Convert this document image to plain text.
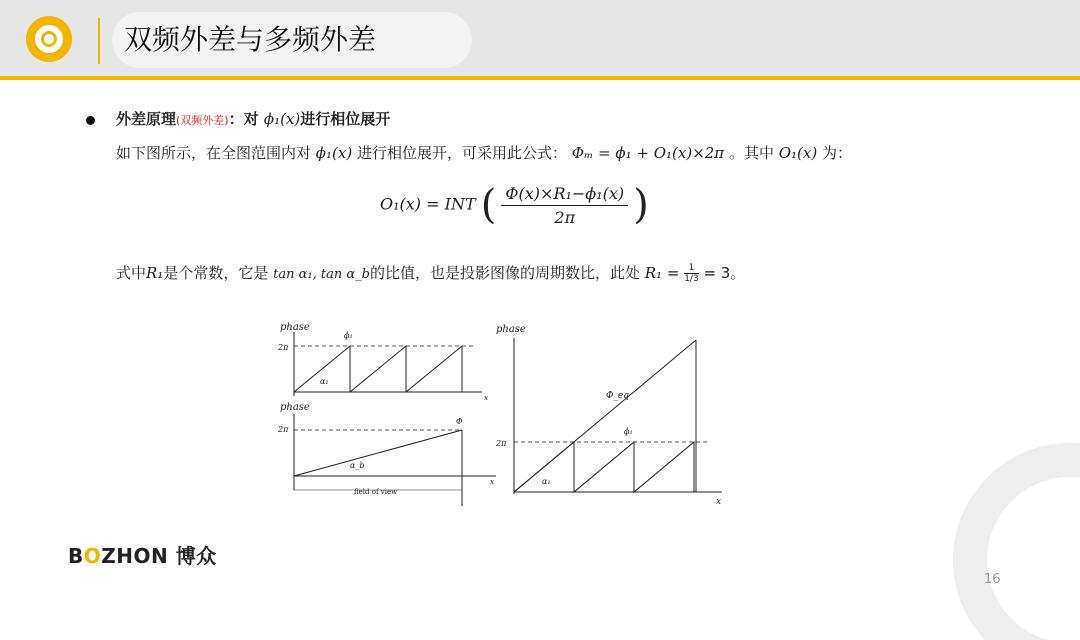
双频外差与多频外差
外差原理(双频外差)：对 ϕ₁(x)进行相位展开
如下图所示，在全图范围内对 ϕ₁(x) 进行相位展开，可采用此公式： Φₘ = ϕ₁ + O₁(x)×2π 。其中 O₁(x) 为：
O₁(x) = INT ( $\frac{\text{Φ(x)×R₁−ϕ₁(x)}}{2\pi}$ )
式中R₁是个常数，它是 tan α₁, tan α_b的比值，也是投影图像的周期数比，此处 $R_1 = \frac{1}{1/3} = 3$。
phase
2π
ϕ₁
α₁
x
phase
2π
Φ
α_b
field of view
x
phase
2π
Φ_eq
ϕ₁
α₁
x
BOZHON 博众
16
